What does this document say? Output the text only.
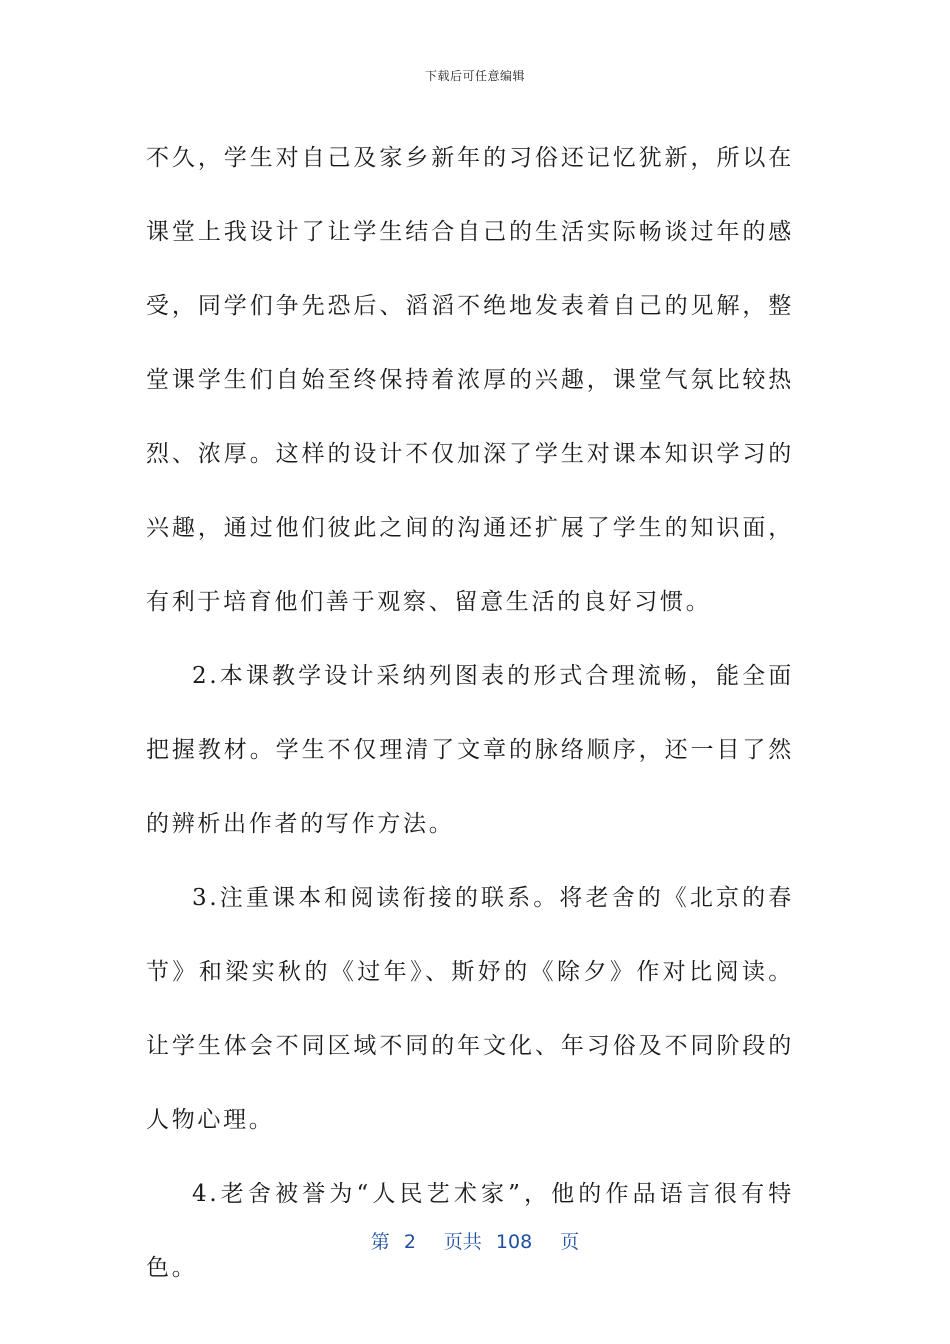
下载后可任意编辑

不久，学生对自己及家乡新年的习俗还记忆犹新，所以在课堂上我设计了让学生结合自己的生活实际畅谈过年的感受，同学们争先恐后、滔滔不绝地发表着自己的见解，整堂课学生们自始至终保持着浓厚的兴趣，课堂气氛比较热烈、浓厚。这样的设计不仅加深了学生对课本知识学习的兴趣，通过他们彼此之间的沟通还扩展了学生的知识面，有利于培育他们善于观察、留意生活的良好习惯。

2.本课教学设计采纳列图表的形式合理流畅，能全面把握教材。学生不仅理清了文章的脉络顺序，还一目了然的辨析出作者的写作方法。

3.注重课本和阅读衔接的联系。将老舍的《北京的春节》和梁实秋的《过年》、斯妤的《除夕》作对比阅读。让学生体会不同区域不同的年文化、年习俗及不同阶段的人物心理。

4.老舍被誉为“人民艺术家”，他的作品语言很有特色。

第 2 页共 108 页
